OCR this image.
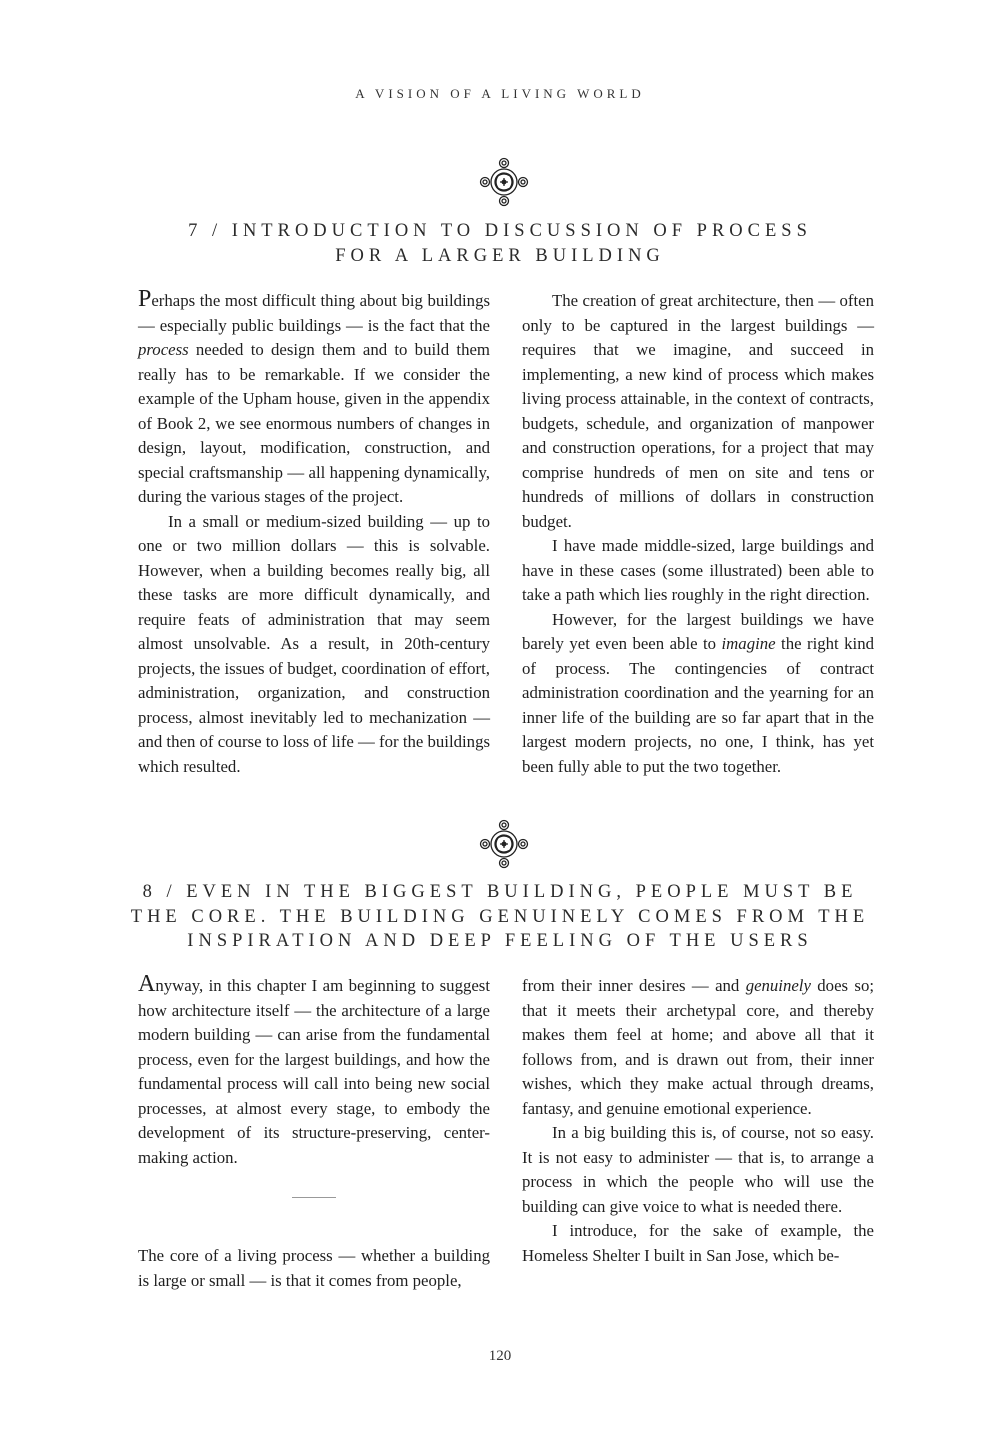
A VISION OF A LIVING WORLD
7 / INTRODUCTION TO DISCUSSION OF PROCESS
FOR A LARGER BUILDING

Perhaps the most difficult thing about big buildings — especially public buildings — is the fact that the process needed to design them and to build them really has to be remarkable. If we consider the example of the Upham house, given in the appendix of Book 2, we see enormous numbers of changes in design, layout, modification, construction, and special craftsmanship — all happening dynamically, during the various stages of the project.

In a small or medium-sized building — up to one or two million dollars — this is solvable. However, when a building becomes really big, all these tasks are more difficult dynamically, and require feats of administration that may seem almost unsolvable. As a result, in 20th-century projects, the issues of budget, coordination of effort, administration, organization, and construction process, almost inevitably led to mechanization — and then of course to loss of life — for the buildings which resulted.

The creation of great architecture, then — often only to be captured in the largest buildings — requires that we imagine, and succeed in implementing, a new kind of process which makes living process attainable, in the context of contracts, budgets, schedule, and organization of manpower and construction operations, for a project that may comprise hundreds of men on site and tens or hundreds of millions of dollars in construction budget.

I have made middle-sized, large buildings and have in these cases (some illustrated) been able to take a path which lies roughly in the right direction.

However, for the largest buildings we have barely yet even been able to imagine the right kind of process. The contingencies of contract administration coordination and the yearning for an inner life of the building are so far apart that in the largest modern projects, no one, I think, has yet been fully able to put the two together.

8 / EVEN IN THE BIGGEST BUILDING, PEOPLE MUST BE
THE CORE. THE BUILDING GENUINELY COMES FROM THE
INSPIRATION AND DEEP FEELING OF THE USERS

Anyway, in this chapter I am beginning to suggest how architecture itself — the architecture of a large modern building — can arise from the fundamental process, even for the largest buildings, and how the fundamental process will call into being new social processes, at almost every stage, to embody the development of its structure-preserving, center-making action.

The core of a living process — whether a building is large or small — is that it comes from people,

from their inner desires — and genuinely does so; that it meets their archetypal core, and thereby makes them feel at home; and above all that it follows from, and is drawn out from, their inner wishes, which they make actual through dreams, fantasy, and genuine emotional experience.

In a big building this is, of course, not so easy. It is not easy to administer — that is, to arrange a process in which the people who will use the building can give voice to what is needed there.

I introduce, for the sake of example, the Homeless Shelter I built in San Jose, which be-

120
